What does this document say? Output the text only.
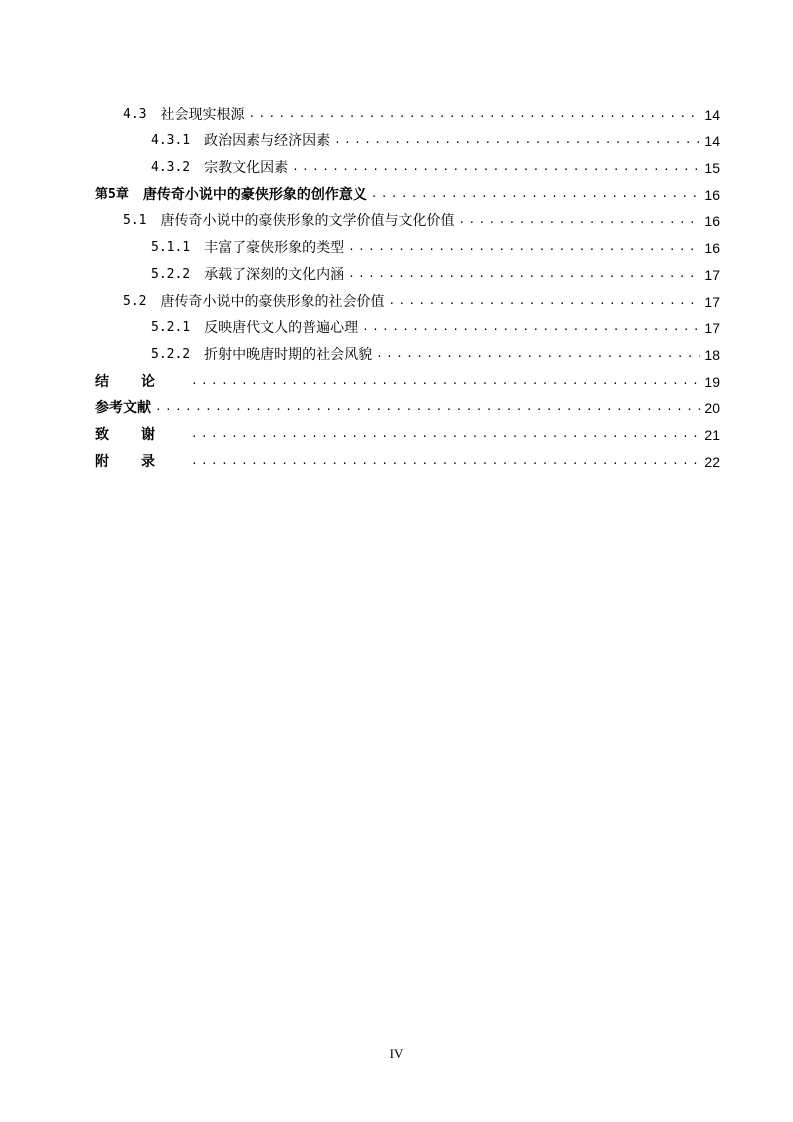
4.3 社会现实根源 .....	14
4.3.1 政治因素与经济因素 .....	14
4.3.2 宗教文化因素 .....	15
第5章 唐传奇小说中的豪侠形象的创作意义 .....	16
5.1 唐传奇小说中的豪侠形象的文学价值与文化价值 .....	16
5.1.1 丰富了豪侠形象的类型 .....	16
5.2.2 承载了深刻的文化内涵 .....	17
5.2 唐传奇小说中的豪侠形象的社会价值 .....	17
5.2.1 反映唐代文人的普遍心理 .....	17
5.2.2 折射中晚唐时期的社会风貌 .....	18
结论 .....	19
参考文献 .....	20
致谢 .....	21
附录 .....	22
IV
